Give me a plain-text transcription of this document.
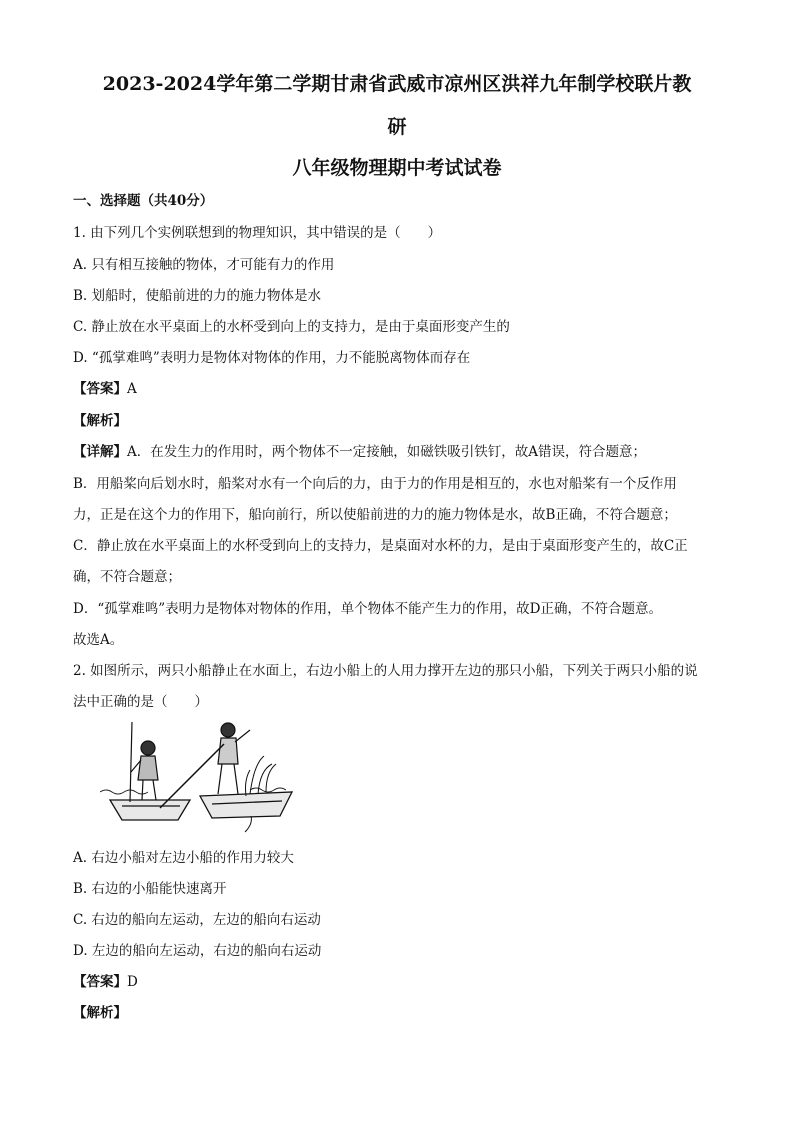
2023-2024学年第二学期甘肃省武威市凉州区洪祥九年制学校联片教
研
八年级物理期中考试试卷

一、选择题（共40分）

1. 由下列几个实例联想到的物理知识，其中错误的是（　　）

A. 只有相互接触的物体，才可能有力的作用

B. 划船时，使船前进的力的施力物体是水

C. 静止放在水平桌面上的水杯受到向上的支持力，是由于桌面形变产生的

D. “孤掌难鸣”表明力是物体对物体的作用，力不能脱离物体而存在

【答案】A

【解析】

【详解】A．在发生力的作用时，两个物体不一定接触，如磁铁吸引铁钉，故A错误，符合题意；

B．用船桨向后划水时，船桨对水有一个向后的力，由于力的作用是相互的，水也对船桨有一个反作用

力，正是在这个力的作用下，船向前行，所以使船前进的力的施力物体是水，故B正确，不符合题意；

C．静止放在水平桌面上的水杯受到向上的支持力，是桌面对水杯的力，是由于桌面形变产生的，故C正

确，不符合题意；

D．“孤掌难鸣”表明力是物体对物体的作用，单个物体不能产生力的作用，故D正确，不符合题意。

故选A。

2. 如图所示，两只小船静止在水面上，右边小船上的人用力撑开左边的那只小船，下列关于两只小船的说

法中正确的是（　　）

A. 右边小船对左边小船的作用力较大

B. 右边的小船能快速离开

C. 右边的船向左运动，左边的船向右运动

D. 左边的船向左运动，右边的船向右运动

【答案】D

【解析】
